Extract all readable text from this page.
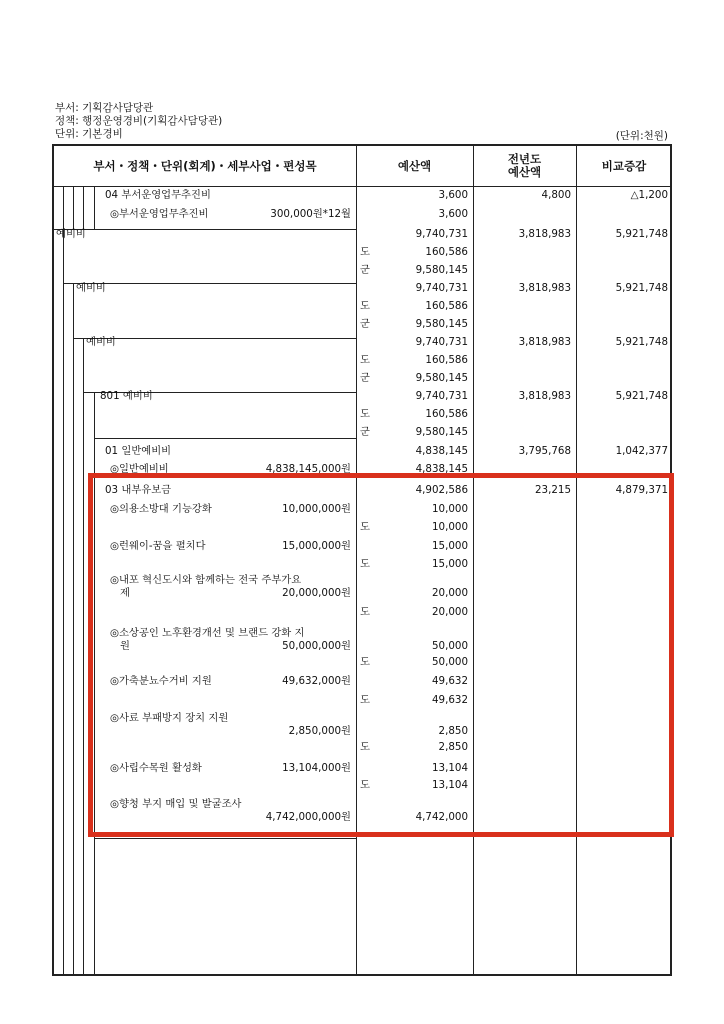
부서: 기획감사담당관
정책: 행정운영경비(기획감사담당관)
단위: 기본경비	(단위:천원)
부서・정책・단위(회계)・세부사업・편성목	예산액	전년도
예산액	비교증감
04 부서운영업무추진비	3,600	4,800	△1,200
◎부서운영업무추진비	300,000원*12월	3,600
예비비	9,740,731	3,818,983	5,921,748
도	160,586
군	9,580,145
예비비	9,740,731	3,818,983	5,921,748
도	160,586
군	9,580,145
예비비	9,740,731	3,818,983	5,921,748
도	160,586
군	9,580,145
801 예비비	9,740,731	3,818,983	5,921,748
도	160,586
군	9,580,145
01 일반예비비	4,838,145	3,795,768	1,042,377
◎일반예비비	4,838,145,000원	4,838,145
03 내부유보금	4,902,586	23,215	4,879,371
◎의용소방대 기능강화	10,000,000원	10,000
도	10,000
◎런웨이-꿈을 펼치다	15,000,000원	15,000
도	15,000
◎내포 혁신도시와 함께하는 전국 주부가요
제	20,000,000원	20,000
도	20,000
◎소상공인 노후환경개선 및 브랜드 강화 지
원	50,000,000원	50,000
도	50,000
◎가축분뇨수거비 지원	49,632,000원	49,632
도	49,632
◎사료 부패방지 장치 지원
2,850,000원	2,850
도	2,850
◎사립수목원 활성화	13,104,000원	13,104
도	13,104
◎향청 부지 매입 및 발굴조사
4,742,000,000원	4,742,000
